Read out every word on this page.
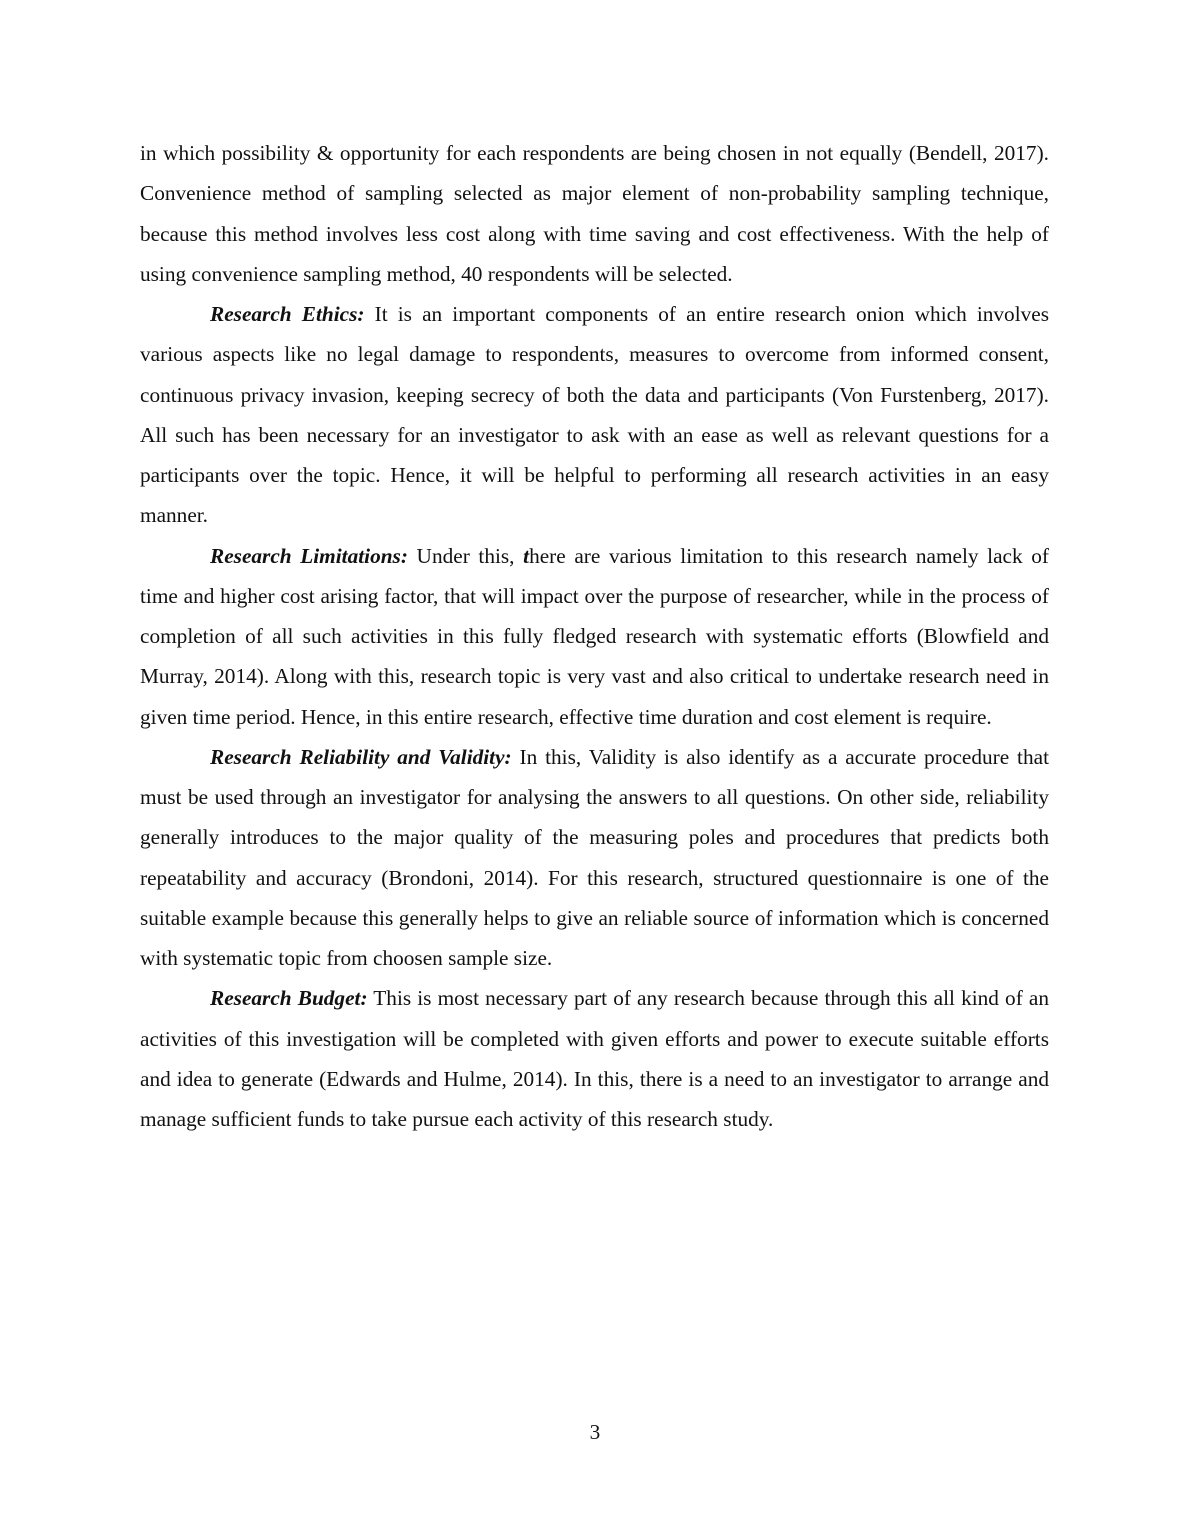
in which possibility & opportunity for each respondents are being chosen in not equally (Bendell, 2017). Convenience method of sampling selected as major element of non-probability sampling technique, because this method involves less cost along with time saving and cost effectiveness. With the help of using convenience sampling method, 40 respondents will be selected.

Research Ethics: It is an important components of an entire research onion which involves various aspects like no legal damage to respondents, measures to overcome from informed consent, continuous privacy invasion, keeping secrecy of both the data and participants (Von Furstenberg, 2017). All such has been necessary for an investigator to ask with an ease as well as relevant questions for a participants over the topic. Hence, it will be helpful to performing all research activities in an easy manner.

Research Limitations: Under this, there are various limitation to this research namely lack of time and higher cost arising factor, that will impact over the purpose of researcher, while in the process of completion of all such activities in this fully fledged research with systematic efforts (Blowfield and Murray, 2014). Along with this, research topic is very vast and also critical to undertake research need in given time period. Hence, in this entire research, effective time duration and cost element is require.

Research Reliability and Validity: In this, Validity is also identify as a accurate procedure that must be used through an investigator for analysing the answers to all questions. On other side, reliability generally introduces to the major quality of the measuring poles and procedures that predicts both repeatability and accuracy (Brondoni, 2014). For this research, structured questionnaire is one of the suitable example because this generally helps to give an reliable source of information which is concerned with systematic topic from choosen sample size.

Research Budget: This is most necessary part of any research because through this all kind of an activities of this investigation will be completed with given efforts and power to execute suitable efforts and idea to generate (Edwards and Hulme, 2014). In this, there is a need to an investigator to arrange and manage sufficient funds to take pursue each activity of this research study.

3
